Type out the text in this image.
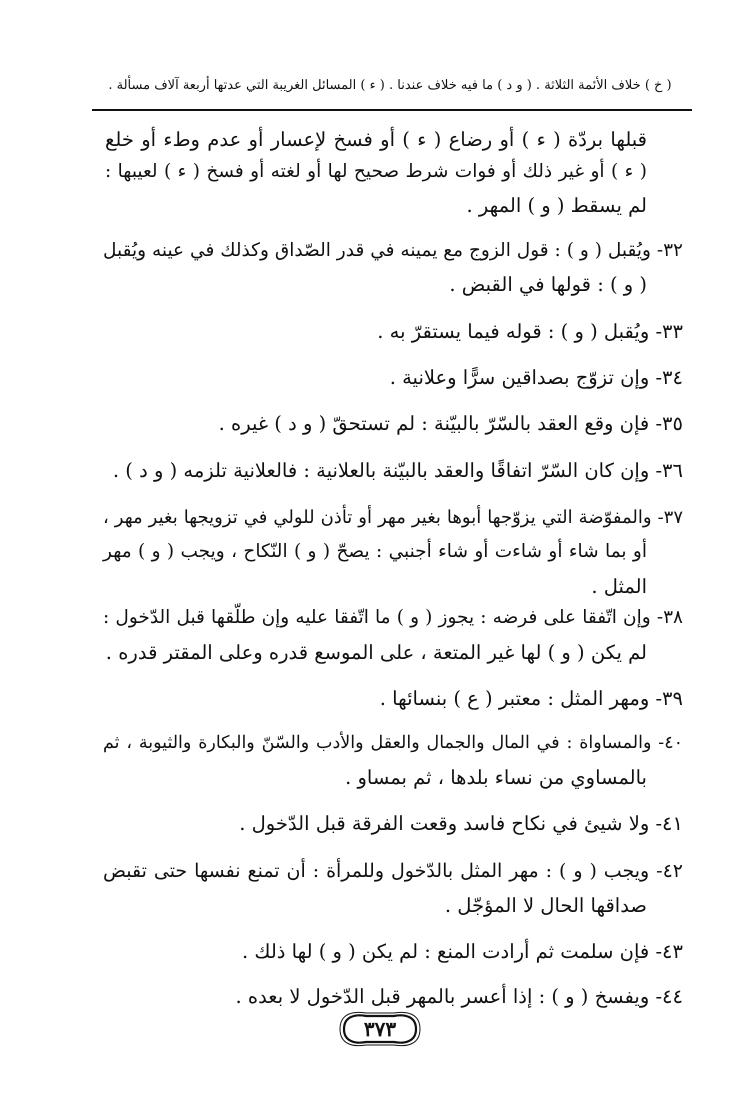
( خ ) خلاف الأئمة الثلاثة . ( و د ) ما فيه خلاف عندنا . ( ء ) المسائل الغريبة التي عدتها أربعة آلاف مسألة .
قبلها بردّة ( ء ) أو رضاع ( ء ) أو فسخ لإعسار أو عدم وطء أو خلع
( ء ) أو غير ذلك أو فوات شرط صحيح لها أو لغته أو فسخ ( ء ) لعيبها :
لم يسقط ( و ) المهر .
٣٢- ويُقبل ( و ) : قول الزوج مع يمينه في قدر الصّداق وكذلك في عينه ويُقبل
( و ) : قولها في القبض .
٣٣- ويُقبل ( و ) : قوله فيما يستقرّ به .
٣٤- وإن تزوّج بصداقين سرًّا وعلانية .
٣٥- فإن وقع العقد بالسّرّ بالبيّنة : لم تستحقّ ( و د ) غيره .
٣٦- وإن كان السّرّ اتفاقًا والعقد بالبيّنة بالعلانية : فالعلانية تلزمه ( و د ) .
٣٧- والمفوّضة التي يزوّجها أبوها بغير مهر أو تأذن للولي في تزويجها بغير مهر ،
أو بما شاء أو شاءت أو شاء أجنبي : يصحّ ( و ) النّكاح ، ويجب ( و ) مهر
المثل .
٣٨- وإن اتّفقا على فرضه : يجوز ( و ) ما اتّفقا عليه وإن طلّقها قبل الدّخول :
لم يكن ( و ) لها غير المتعة ، على الموسع قدره وعلى المقتر قدره .
٣٩- ومهر المثل : معتبر ( ع ) بنسائها .
٤٠- والمساواة : في المال والجمال والعقل والأدب والسّنّ والبكارة والثيوبة ، ثم
بالمساوي من نساء بلدها ، ثم بمساو .
٤١- ولا شيئ في نكاح فاسد وقعت الفرقة قبل الدّخول .
٤٢- ويجب ( و ) : مهر المثل بالدّخول وللمرأة : أن تمنع نفسها حتى تقبض
صداقها الحال لا المؤجّل .
٤٣- فإن سلمت ثم أرادت المنع : لم يكن ( و ) لها ذلك .
٤٤- ويفسخ ( و ) : إذا أعسر بالمهر قبل الدّخول لا بعده .
٣٧٣
